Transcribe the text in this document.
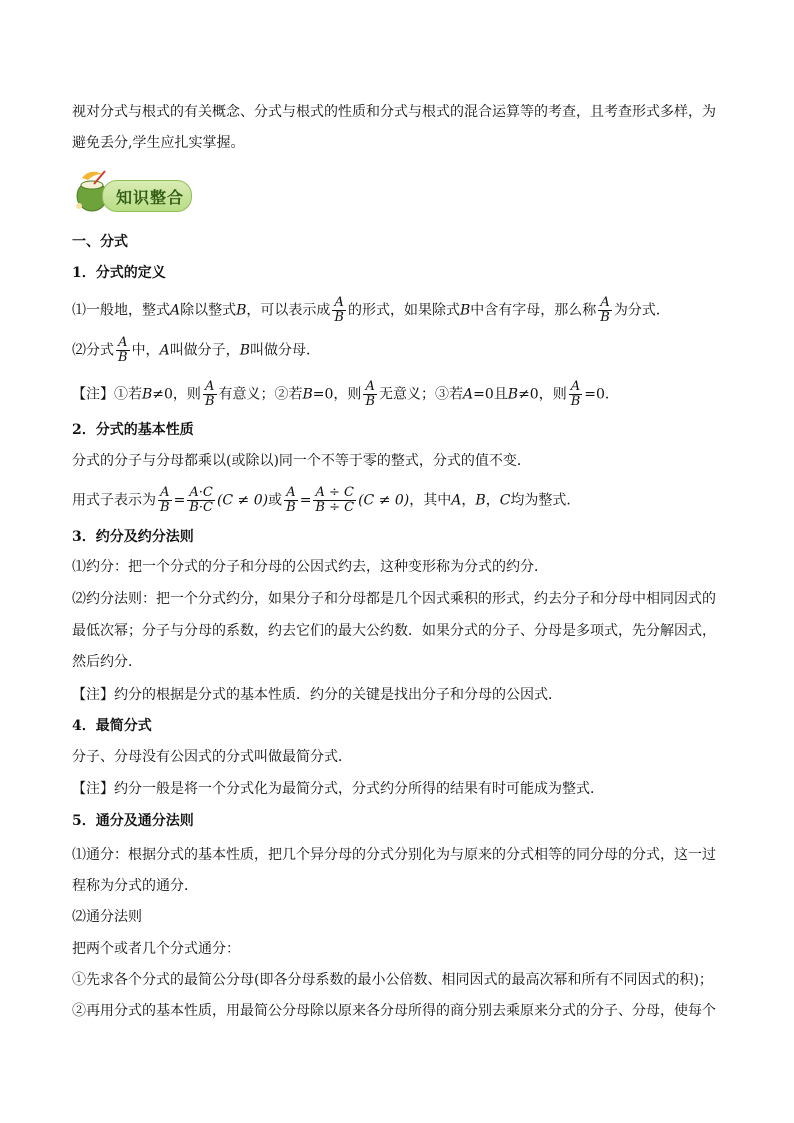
视对分式与根式的有关概念、分式与根式的性质和分式与根式的混合运算等的考查，且考查形式多样，为
避免丢分,学生应扎实掌握。
知识整合
一、分式
1．分式的定义
⑴一般地，整式A除以整式B，可以表示成 $\frac{A}{B}$ 的形式，如果除式B中含有字母，那么称 $\frac{A}{B}$ 为分式．
⑵分式 $\frac{A}{B}$ 中，A叫做分子，B叫做分母．
【注】①若B≠0，则 $\frac{A}{B}$ 有意义；②若B=0，则 $\frac{A}{B}$ 无意义；③若A=0且B≠0，则 $\frac{A}{B} =0$．
2．分式的基本性质
分式的分子与分母都乘以(或除以)同一个不等于零的整式，分式的值不变．
用式子表示为 $\frac{A}{B} = \frac{A\cdot C}{B\cdot C} (C \ne 0)$或 $\frac{A}{B} = \frac{A \div C}{B \div C} (C \ne 0)$，其中A，B，C均为整式．
3．约分及约分法则
⑴约分：把一个分式的分子和分母的公因式约去，这种变形称为分式的约分．
⑵约分法则：把一个分式约分，如果分子和分母都是几个因式乘积的形式，约去分子和分母中相同因式的
最低次幂；分子与分母的系数，约去它们的最大公约数．如果分式的分子、分母是多项式，先分解因式，
然后约分．
【注】约分的根据是分式的基本性质．约分的关键是找出分子和分母的公因式．
4．最简分式
分子、分母没有公因式的分式叫做最简分式．
【注】约分一般是将一个分式化为最简分式，分式约分所得的结果有时可能成为整式．
5．通分及通分法则
⑴通分：根据分式的基本性质，把几个异分母的分式分别化为与原来的分式相等的同分母的分式，这一过
程称为分式的通分．
⑵通分法则
把两个或者几个分式通分：
①先求各个分式的最简公分母(即各分母系数的最小公倍数、相同因式的最高次幂和所有不同因式的积)；
②再用分式的基本性质，用最简公分母除以原来各分母所得的商分别去乘原来分式的分子、分母，使每个
